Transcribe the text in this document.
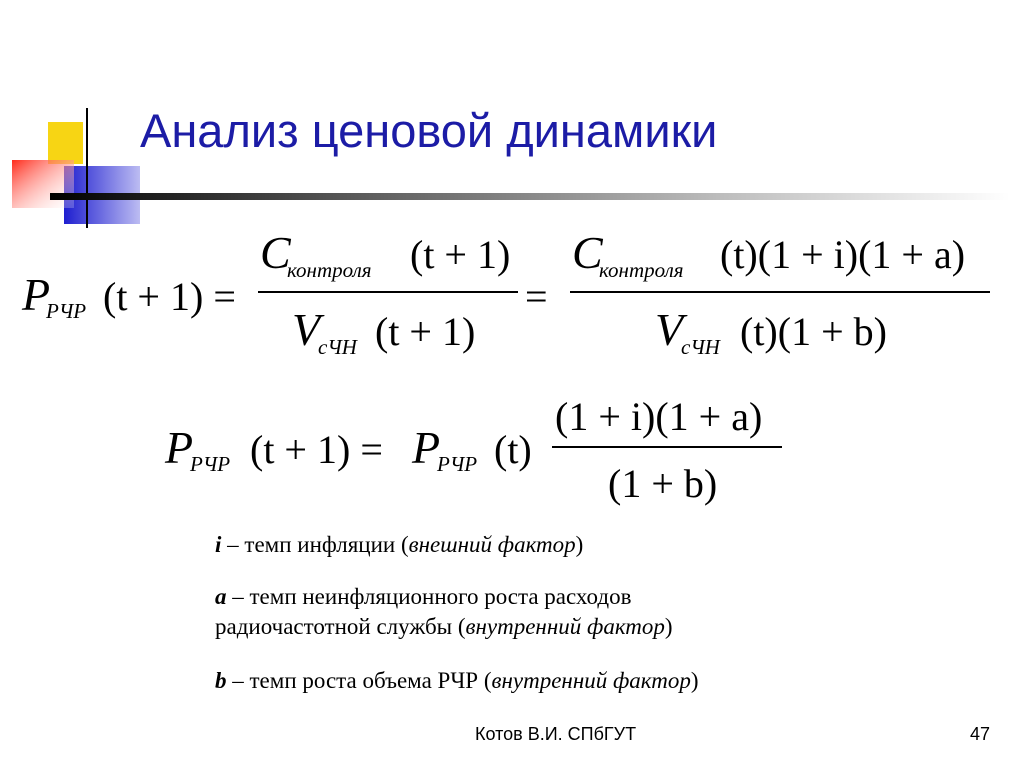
Анализ ценовой динамики
P
РЧР (t + 1) =
C
контроля (t + 1)
V
сЧН (t + 1)
=
C
контроля (t)(1 + i)(1 + a)
V
сЧН (t)(1 + b)
P
РЧР (t + 1) = P
РЧР (t)
(1 + i)(1 + a)
(1 + b)
i – темп инфляции (внешний фактор)
a – темп неинфляционного роста расходов
радиочастотной службы (внутренний фактор)
b – темп роста объема РЧР (внутренний фактор)
Котов В.И. СПбГУТ	47
